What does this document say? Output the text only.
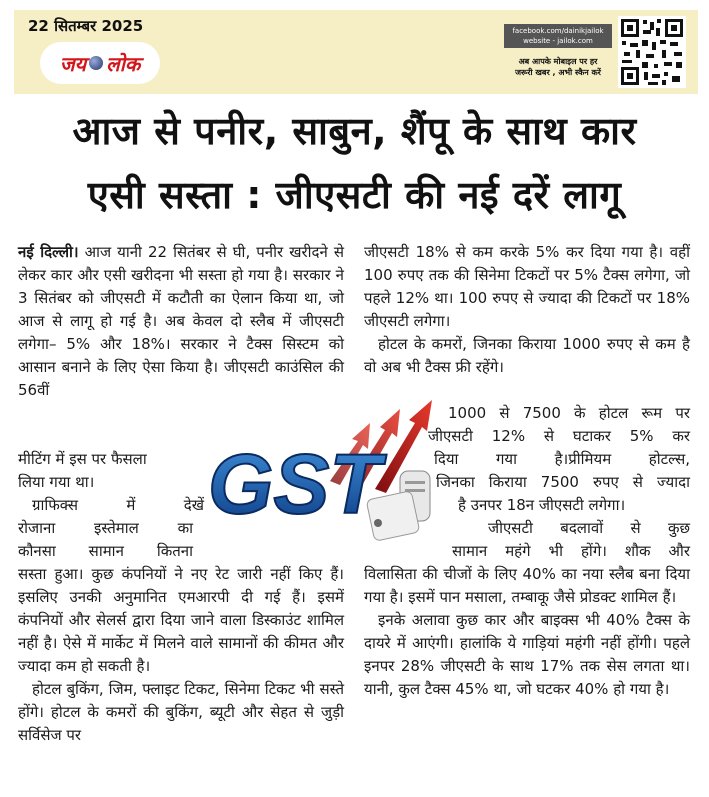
22 सितम्बर 2025
जय लोक
facebook.com/dainikjailok
website - jailok.com
अब आपके मोबाइल पर हर
जरूरी खबर , अभी स्कैन करें
आज से पनीर, साबुन, शैंपू के साथ कार
एसी सस्ता : जीएसटी की नई दरें लागू

नई दिल्ली। आज यानी 22 सितंबर से घी, पनीर खरीदने से लेकर कार और एसी खरीदना भी सस्ता हो गया है। सरकार ने 3 सितंबर को जीएसटी में कटौती का ऐलान किया था, जो आज से लागू हो गई है। अब केवल दो स्लैब में जीएसटी लगेगा– 5% और 18%। सरकार ने टैक्स सिस्टम को आसान बनाने के लिए ऐसा किया है। जीएसटी काउंसिल की 56वीं

मीटिंग में इस पर फैसला
लिया गया था।
ग्राफिक्स में देखें
रोजाना इस्तेमाल का
कौनसा सामान कितना

सस्ता हुआ। कुछ कंपनियों ने नए रेट जारी नहीं किए हैं। इसलिए उनकी अनुमानित एमआरपी दी गई हैं। इसमें कंपनियों और सेलर्स द्वारा दिया जाने वाला डिस्काउंट शामिल नहीं है। ऐसे में मार्केट में मिलने वाले सामानों की कीमत और ज्यादा कम हो सकती है।

होटल बुकिंग, जिम, फ्लाइट टिकट, सिनेमा टिकट भी सस्ते होंगे। होटल के कमरों की बुकिंग, ब्यूटी और सेहत से जुड़ी सर्विसेज पर

जीएसटी 18% से कम करके 5% कर दिया गया है। वहीं 100 रुपए तक की सिनेमा टिकटों पर 5% टैक्स लगेगा, जो पहले 12% था। 100 रुपए से ज्यादा की टिकटों पर 18% जीएसटी लगेगा।

होटल के कमरों, जिनका किराया 1000 रुपए से कम है वो अब भी टैक्स फ्री रहेंगे।

1000 से 7500 के होटल रूम पर
जीएसटी 12% से घटाकर 5% कर
दिया गया है।प्रीमियम होटल्स,
जिनका किराया 7500 रुपए से ज्यादा
है उनपर 18न जीएसटी लगेगा।
जीएसटी बदलावों से कुछ
सामान महंगे भी होंगे। शौक और

विलासिता की चीजों के लिए 40% का नया स्लैब बना दिया गया है। इसमें पान मसाला, तम्बाकू जैसे प्रोडक्ट शामिल हैं।

इनके अलावा कुछ कार और बाइक्स भी 40% टैक्स के दायरे में आएंगी। हालांकि ये गाड़ियां महंगी नहीं होंगी। पहले इनपर 28% जीएसटी के साथ 17% तक सेस लगता था। यानी, कुल टैक्स 45% था, जो घटकर 40% हो गया है।

GST
